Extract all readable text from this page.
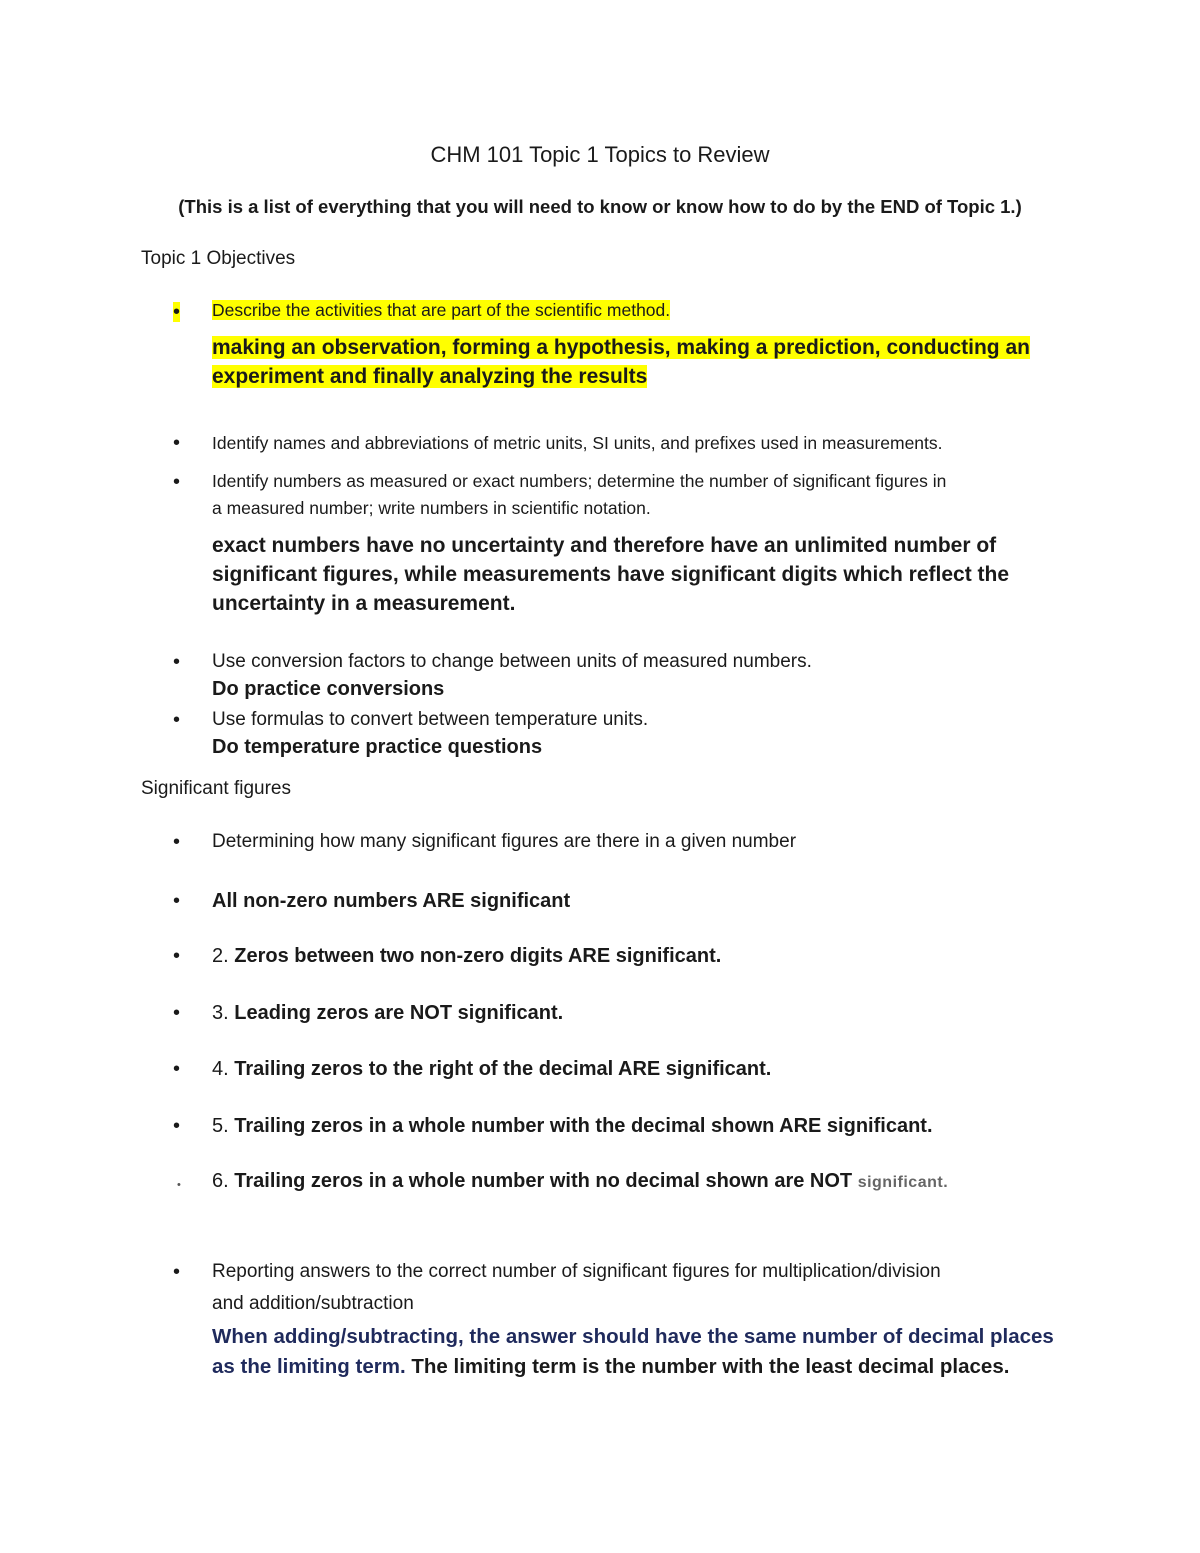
CHM 101 Topic 1 Topics to Review
(This is a list of everything that you will need to know or know how to do by the END of Topic 1.)
Topic 1 Objectives
• Describe the activities that are part of the scientific method.
making an observation, forming a hypothesis, making a prediction, conducting an
experiment and finally analyzing the results
• Identify names and abbreviations of metric units, SI units, and prefixes used in measurements.
• Identify numbers as measured or exact numbers; determine the number of significant figures in
a measured number; write numbers in scientific notation.
exact numbers have no uncertainty and therefore have an unlimited number of
significant figures, while measurements have significant digits which reflect the
uncertainty in a measurement.
• Use conversion factors to change between units of measured numbers.
Do practice conversions
• Use formulas to convert between temperature units.
Do temperature practice questions
Significant figures
• Determining how many significant figures are there in a given number
• All non-zero numbers ARE significant
• 2. Zeros between two non-zero digits ARE significant.
• 3. Leading zeros are NOT significant.
• 4. Trailing zeros to the right of the decimal ARE significant.
• 5. Trailing zeros in a whole number with the decimal shown ARE significant.
• 6. Trailing zeros in a whole number with no decimal shown are NOT significant.
• Reporting answers to the correct number of significant figures for multiplication/division
and addition/subtraction
When adding/subtracting, the answer should have the same number of decimal places
as the limiting term. The limiting term is the number with the least decimal places.
